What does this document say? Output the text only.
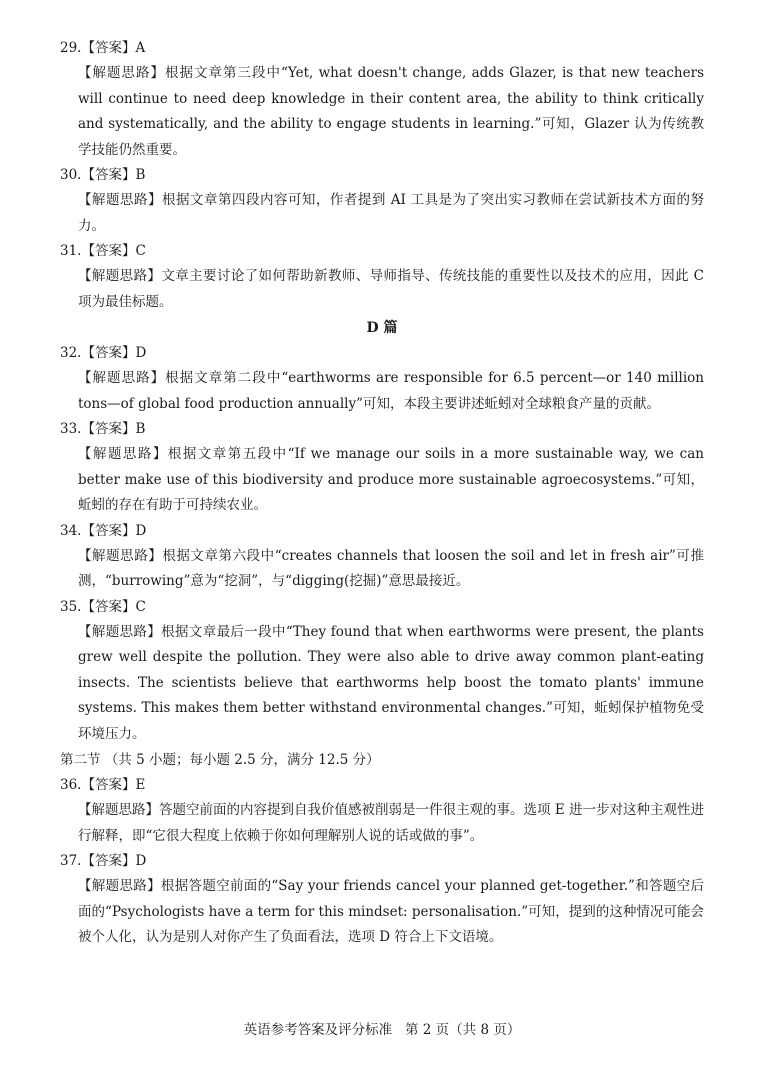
29.【答案】A
【解题思路】根据文章第三段中“Yet, what doesn't change, adds Glazer, is that new teachers will continue to need deep knowledge in their content area, the ability to think critically and systematically, and the ability to engage students in learning.”可知，Glazer 认为传统教学技能仍然重要。
30.【答案】B
【解题思路】根据文章第四段内容可知，作者提到 AI 工具是为了突出实习教师在尝试新技术方面的努力。
31.【答案】C
【解题思路】文章主要讨论了如何帮助新教师、导师指导、传统技能的重要性以及技术的应用，因此 C 项为最佳标题。
D 篇
32.【答案】D
【解题思路】根据文章第二段中“earthworms are responsible for 6.5 percent—or 140 million tons—of global food production annually”可知，本段主要讲述蚯蚓对全球粮食产量的贡献。
33.【答案】B
【解题思路】根据文章第五段中“If we manage our soils in a more sustainable way, we can better make use of this biodiversity and produce more sustainable agroecosystems.”可知，蚯蚓的存在有助于可持续农业。
34.【答案】D
【解题思路】根据文章第六段中“creates channels that loosen the soil and let in fresh air”可推测，“burrowing”意为“挖洞”，与“digging(挖掘)”意思最接近。
35.【答案】C
【解题思路】根据文章最后一段中“They found that when earthworms were present, the plants grew well despite the pollution. They were also able to drive away common plant-eating insects. The scientists believe that earthworms help boost the tomato plants' immune systems. This makes them better withstand environmental changes.”可知，蚯蚓保护植物免受环境压力。
第二节 （共 5 小题；每小题 2.5 分，满分 12.5 分）
36.【答案】E
【解题思路】答题空前面的内容提到自我价值感被削弱是一件很主观的事。选项 E 进一步对这种主观性进行解释，即“它很大程度上依赖于你如何理解别人说的话或做的事”。
37.【答案】D
【解题思路】根据答题空前面的“Say your friends cancel your planned get-together.”和答题空后面的“Psychologists have a term for this mindset: personalisation.”可知，提到的这种情况可能会被个人化，认为是别人对你产生了负面看法，选项 D 符合上下文语境。
英语参考答案及评分标准   第 2 页（共 8 页）
